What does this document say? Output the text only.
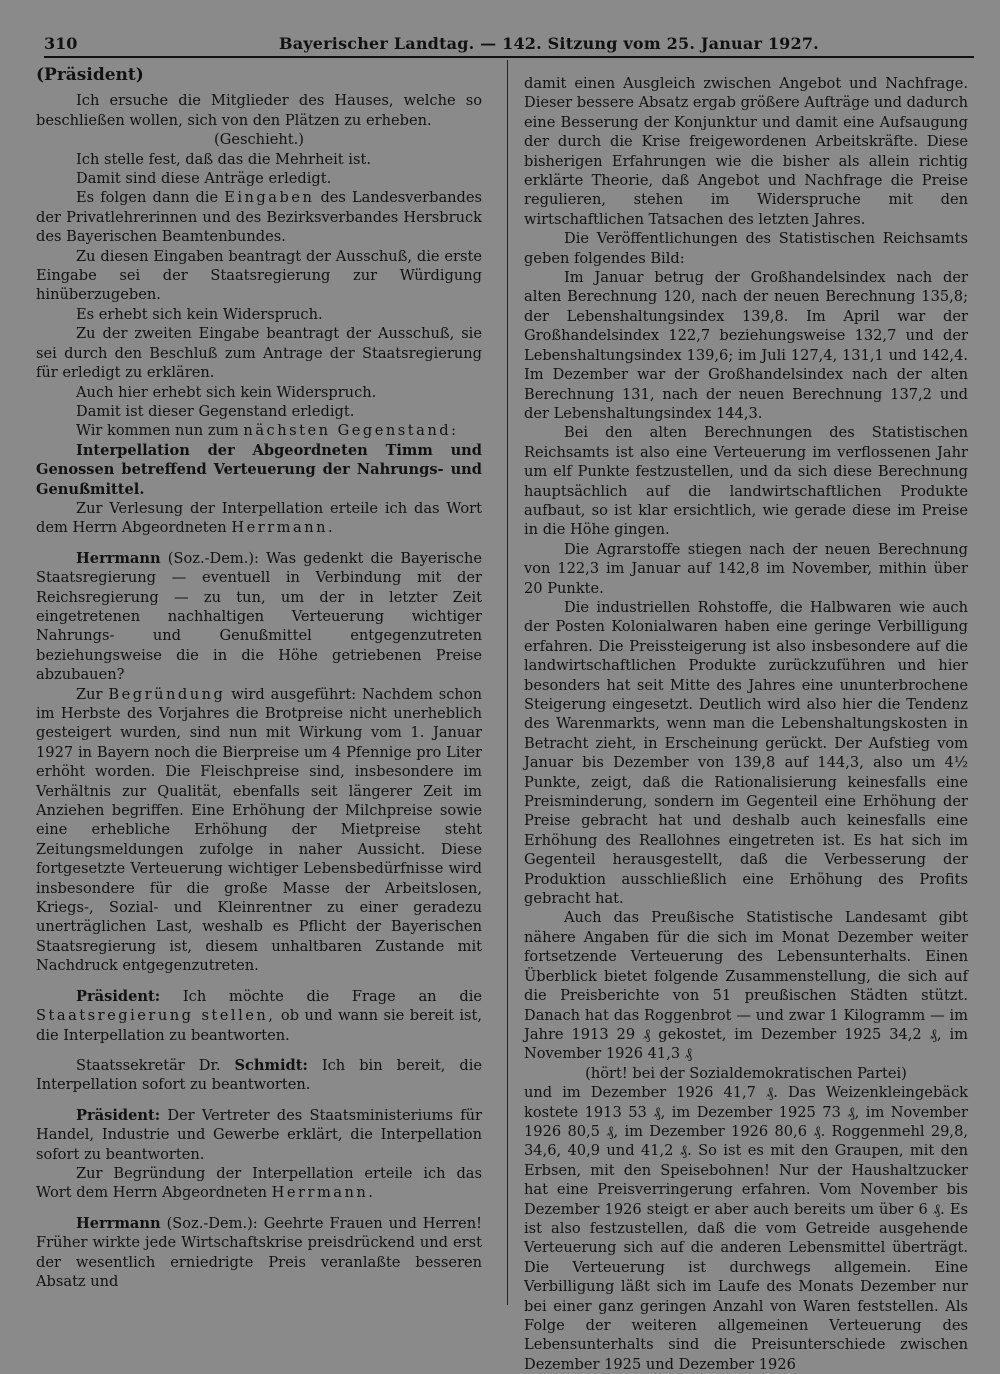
310	Bayerischer Landtag. — 142. Sitzung vom 25. Januar 1927.
(Präsident)

Ich ersuche die Mitglieder des Hauses, welche so beschließen wollen, sich von den Plätzen zu erheben.

(Geschieht.)

Ich stelle fest, daß das die Mehrheit ist.

Damit sind diese Anträge erledigt.

Es folgen dann die Eingaben des Landesverbandes der Privatlehrerinnen und des Bezirksverbandes Hersbruck des Bayerischen Beamtenbundes.

Zu diesen Eingaben beantragt der Ausschuß, die erste Eingabe sei der Staatsregierung zur Würdigung hinüberzugeben.

Es erhebt sich kein Widerspruch.

Zu der zweiten Eingabe beantragt der Ausschuß, sie sei durch den Beschluß zum Antrage der Staatsregierung für erledigt zu erklären.

Auch hier erhebt sich kein Widerspruch.

Damit ist dieser Gegenstand erledigt.

Wir kommen nun zum nächsten Gegenstand:

Interpellation der Abgeordneten Timm und Genossen betreffend Verteuerung der Nahrungs- und Genußmittel.

Zur Verlesung der Interpellation erteile ich das Wort dem Herrn Abgeordneten Herrmann.

Herrmann (Soz.-Dem.): Was gedenkt die Bayerische Staatsregierung — eventuell in Verbindung mit der Reichsregierung — zu tun, um der in letzter Zeit eingetretenen nachhaltigen Verteuerung wichtiger Nahrungs- und Genußmittel entgegenzutreten beziehungsweise die in die Höhe getriebenen Preise abzubauen?

Zur Begründung wird ausgeführt: Nachdem schon im Herbste des Vorjahres die Brotpreise nicht unerheblich gesteigert wurden, sind nun mit Wirkung vom 1. Januar 1927 in Bayern noch die Bierpreise um 4 Pfennige pro Liter erhöht worden. Die Fleischpreise sind, insbesondere im Verhältnis zur Qualität, ebenfalls seit längerer Zeit im Anziehen begriffen. Eine Erhöhung der Milchpreise sowie eine erhebliche Erhöhung der Mietpreise steht Zeitungsmeldungen zufolge in naher Aussicht. Diese fortgesetzte Verteuerung wichtiger Lebensbedürfnisse wird insbesondere für die große Masse der Arbeitslosen, Kriegs-, Sozial- und Kleinrentner zu einer geradezu unerträglichen Last, weshalb es Pflicht der Bayerischen Staatsregierung ist, diesem unhaltbaren Zustande mit Nachdruck entgegenzutreten.

Präsident: Ich möchte die Frage an die Staatsregierung stellen, ob und wann sie bereit ist, die Interpellation zu beantworten.

Staatssekretär Dr. Schmidt: Ich bin bereit, die Interpellation sofort zu beantworten.

Präsident: Der Vertreter des Staatsministeriums für Handel, Industrie und Gewerbe erklärt, die Interpellation sofort zu beantworten.

Zur Begründung der Interpellation erteile ich das Wort dem Herrn Abgeordneten Herrmann.

Herrmann (Soz.-Dem.): Geehrte Frauen und Herren! Früher wirkte jede Wirtschaftskrise preisdrückend und erst der wesentlich erniedrigte Preis veranlaßte besseren Absatz und

damit einen Ausgleich zwischen Angebot und Nachfrage. Dieser bessere Absatz ergab größere Aufträge und dadurch eine Besserung der Konjunktur und damit eine Aufsaugung der durch die Krise freigewordenen Arbeitskräfte. Diese bisherigen Erfahrungen wie die bisher als allein richtig erklärte Theorie, daß Angebot und Nachfrage die Preise regulieren, stehen im Widerspruche mit den wirtschaftlichen Tatsachen des letzten Jahres.

Die Veröffentlichungen des Statistischen Reichsamts geben folgendes Bild:

Im Januar betrug der Großhandelsindex nach der alten Berechnung 120, nach der neuen Berechnung 135,8; der Lebenshaltungsindex 139,8. Im April war der Großhandelsindex 122,7 beziehungsweise 132,7 und der Lebenshaltungsindex 139,6; im Juli 127,4, 131,1 und 142,4. Im Dezember war der Großhandelsindex nach der alten Berechnung 131, nach der neuen Berechnung 137,2 und der Lebenshaltungsindex 144,3.

Bei den alten Berechnungen des Statistischen Reichsamts ist also eine Verteuerung im verflossenen Jahr um elf Punkte festzustellen, und da sich diese Berechnung hauptsächlich auf die landwirtschaftlichen Produkte aufbaut, so ist klar ersichtlich, wie gerade diese im Preise in die Höhe gingen.

Die Agrarstoffe stiegen nach der neuen Berechnung von 122,3 im Januar auf 142,8 im November, mithin über 20 Punkte.

Die industriellen Rohstoffe, die Halbwaren wie auch der Posten Kolonialwaren haben eine geringe Verbilligung erfahren. Die Preissteigerung ist also insbesondere auf die landwirtschaftlichen Produkte zurückzuführen und hier besonders hat seit Mitte des Jahres eine ununterbrochene Steigerung eingesetzt. Deutlich wird also hier die Tendenz des Warenmarkts, wenn man die Lebenshaltungskosten in Betracht zieht, in Erscheinung gerückt. Der Aufstieg vom Januar bis Dezember von 139,8 auf 144,3, also um 4½ Punkte, zeigt, daß die Rationalisierung keinesfalls eine Preisminderung, sondern im Gegenteil eine Erhöhung der Preise gebracht hat und deshalb auch keinesfalls eine Erhöhung des Reallohnes eingetreten ist. Es hat sich im Gegenteil herausgestellt, daß die Verbesserung der Produktion ausschließlich eine Erhöhung des Profits gebracht hat.

Auch das Preußische Statistische Landesamt gibt nähere Angaben für die sich im Monat Dezember weiter fortsetzende Verteuerung des Lebensunterhalts. Einen Überblick bietet folgende Zusammenstellung, die sich auf die Preisberichte von 51 preußischen Städten stützt. Danach hat das Roggenbrot — und zwar 1 Kilogramm — im Jahre 1913 29 ₰ gekostet, im Dezember 1925 34,2 ₰, im November 1926 41,3 ₰

(hört! bei der Sozialdemokratischen Partei)

und im Dezember 1926 41,7 ₰. Das Weizenkleingebäck kostete 1913 53 ₰, im Dezember 1925 73 ₰, im November 1926 80,5 ₰, im Dezember 1926 80,6 ₰. Roggenmehl 29,8, 34,6, 40,9 und 41,2 ₰. So ist es mit den Graupen, mit den Erbsen, mit den Speisebohnen! Nur der Haushaltzucker hat eine Preisverringerung erfahren. Vom November bis Dezember 1926 steigt er aber auch bereits um über 6 ₰. Es ist also festzustellen, daß die vom Getreide ausgehende Verteuerung sich auf die anderen Lebensmittel überträgt. Die Verteuerung ist durchwegs allgemein. Eine Verbilligung läßt sich im Laufe des Monats Dezember nur bei einer ganz geringen Anzahl von Waren feststellen. Als Folge der weiteren allgemeinen Verteuerung des Lebensunterhalts sind die Preisunterschiede zwischen Dezember 1925 und Dezember 1926
